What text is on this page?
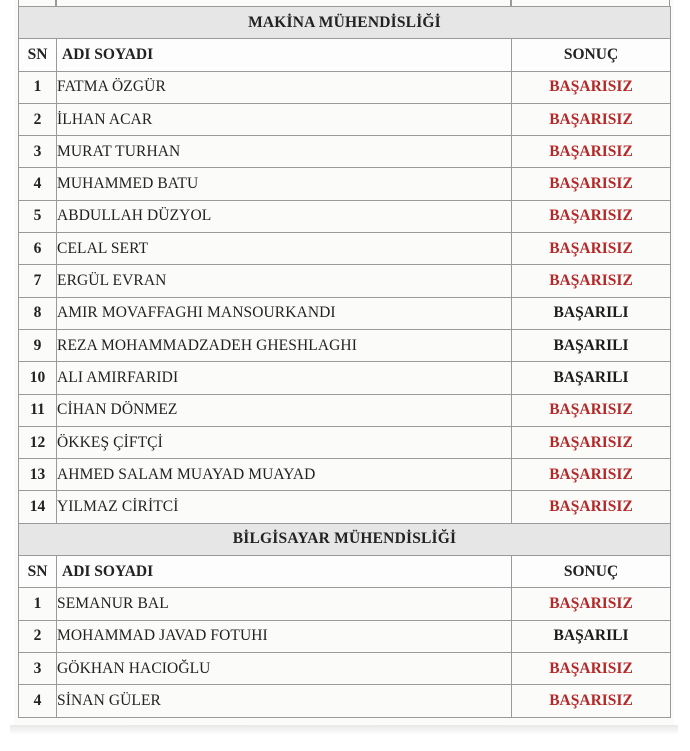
MAKİNA MÜHENDİSLİĞİ		
SN	ADI SOYADI	SONUÇ
1	FATMA ÖZGÜR	BAŞARISIZ
2	İLHAN ACAR	BAŞARISIZ
3	MURAT TURHAN	BAŞARISIZ
4	MUHAMMED BATU	BAŞARISIZ
5	ABDULLAH DÜZYOL	BAŞARISIZ
6	CELAL SERT	BAŞARISIZ
7	ERGÜL EVRAN	BAŞARISIZ
8	AMIR MOVAFFAGHI MANSOURKANDI	BAŞARILI
9	REZA MOHAMMADZADEH GHESHLAGHI	BAŞARILI
10	ALI AMIRFARIDI	BAŞARILI
11	CİHAN DÖNMEZ	BAŞARISIZ
12	ÖKKEŞ ÇİFTÇİ	BAŞARISIZ
13	AHMED SALAM MUAYAD MUAYAD	BAŞARISIZ
14	YILMAZ CİRİTCİ	BAŞARISIZ
BİLGİSAYAR MÜHENDİSLİĞİ		
SN	ADI SOYADI	SONUÇ
1	SEMANUR BAL	BAŞARISIZ
2	MOHAMMAD JAVAD FOTUHI	BAŞARILI
3	GÖKHAN HACIOĞLU	BAŞARISIZ
4	SİNAN GÜLER	BAŞARISIZ
